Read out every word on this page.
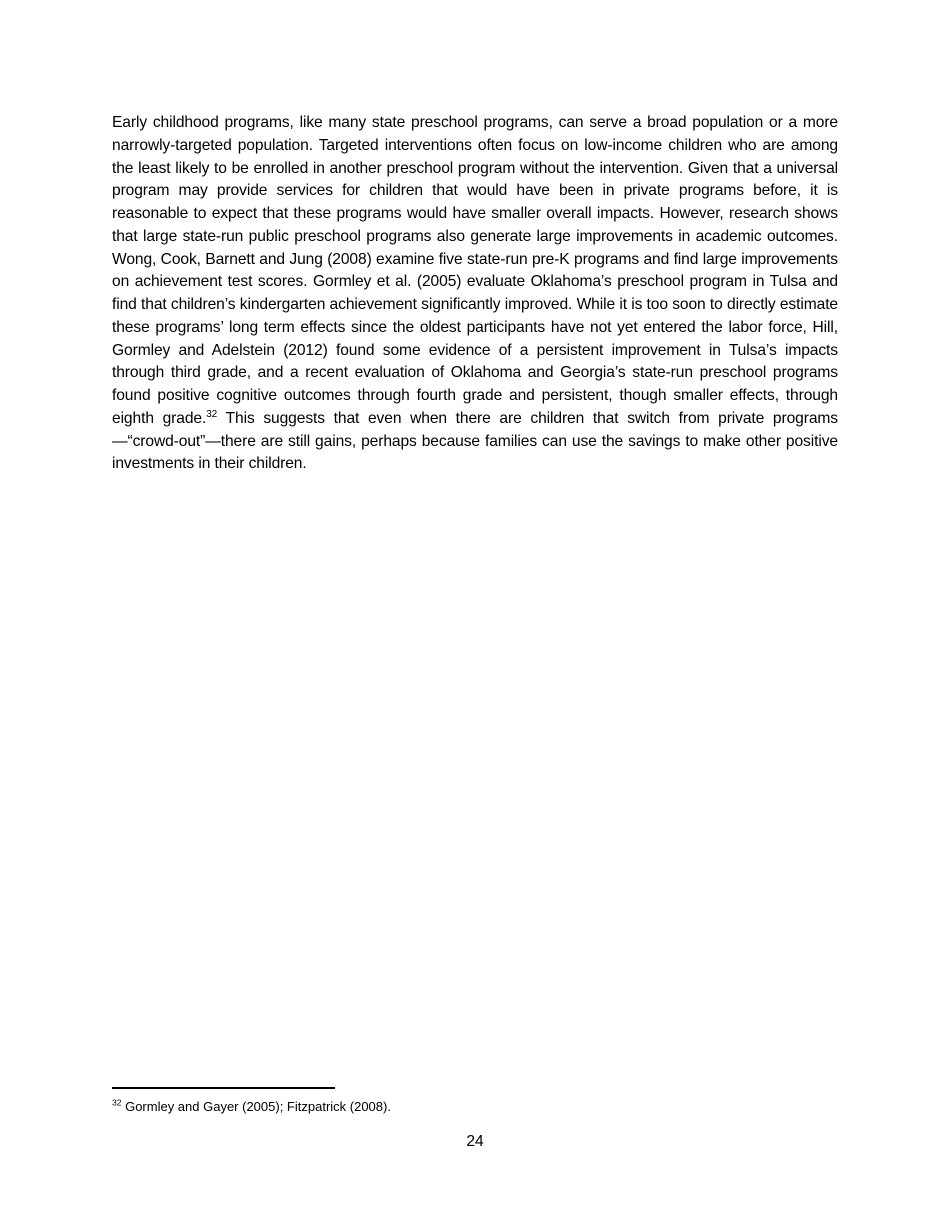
Early childhood programs, like many state preschool programs, can serve a broad population or a more narrowly-targeted population. Targeted interventions often focus on low-income children who are among the least likely to be enrolled in another preschool program without the intervention. Given that a universal program may provide services for children that would have been in private programs before, it is reasonable to expect that these programs would have smaller overall impacts. However, research shows that large state-run public preschool programs also generate large improvements in academic outcomes. Wong, Cook, Barnett and Jung (2008) examine five state-run pre-K programs and find large improvements on achievement test scores. Gormley et al. (2005) evaluate Oklahoma’s preschool program in Tulsa and find that children’s kindergarten achievement significantly improved. While it is too soon to directly estimate these programs’ long term effects since the oldest participants have not yet entered the labor force, Hill, Gormley and Adelstein (2012) found some evidence of a persistent improvement in Tulsa’s impacts through third grade, and a recent evaluation of Oklahoma and Georgia’s state-run preschool programs found positive cognitive outcomes through fourth grade and persistent, though smaller effects, through eighth grade.$^{32}$ This suggests that even when there are children that switch from private programs—“crowd-out”—there are still gains, perhaps because families can use the savings to make other positive investments in their children.

$^{32}$ Gormley and Gayer (2005); Fitzpatrick (2008).

24
